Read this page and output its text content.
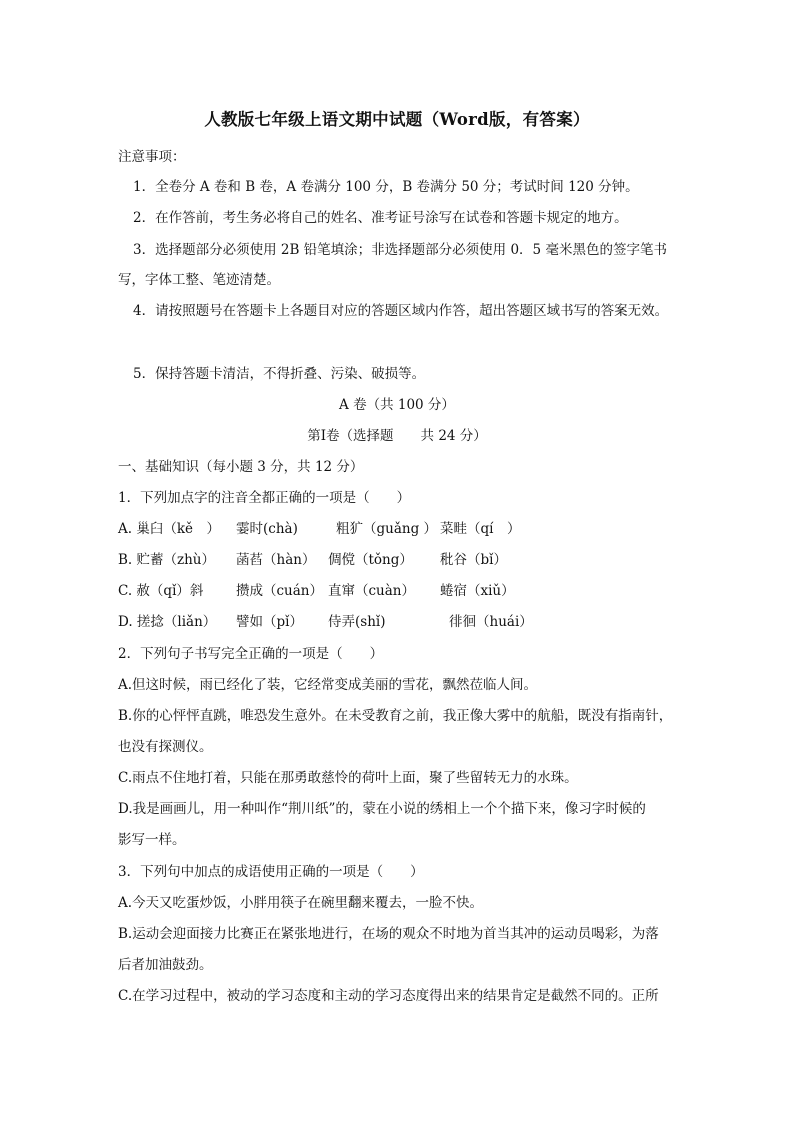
人教版七年级上语文期中试题（Word版，有答案）
注意事项：
1．全卷分 A 卷和 B 卷，A 卷满分 100 分，B 卷满分 50 分；考试时间 120 分钟。
2．在作答前，考生务必将自己的姓名、准考证号涂写在试卷和答题卡规定的地方。
3．选择题部分必须使用 2B 铅笔填涂；非选择题部分必须使用 0．5 毫米黑色的签字笔书
写，字体工整、笔迹清楚。
4．请按照题号在答题卡上各题目对应的答题区域内作答，超出答题区域书写的答案无效。
5．保持答题卡清洁，不得折叠、污染、破损等。
A 卷（共 100 分）
第Ⅰ卷（选择题　　共 24 分）
一、基础知识（每小题 3 分，共 12 分）
1．下列加点字的注音全都正确的一项是（　　）
A. 巢臼（kě　） 霎时(chà)	粗犷（guǎng ） 菜畦（qí　）
B. 贮蓄（zhù） 菡萏（hàn） 倜傥（tǒng） 秕谷（bǐ）
C. 赦（qǐ）斜 攒成（cuán） 直窜（cuàn） 蜷宿（xiǔ）
D. 搓捻（liǎn） 譬如（pǐ） 侍弄(shǐ)	徘徊（huái）
2．下列句子书写完全正确的一项是（　　）
A.但这时候，雨已经化了装，它经常变成美丽的雪花，飘然莅临人间。
B.你的心怦怦直跳，唯恐发生意外。在未受教育之前，我正像大雾中的航船，既没有指南针，
也没有探测仪。
C.雨点不住地打着，只能在那勇敢慈怜的荷叶上面，聚了些留转无力的水珠。
D.我是画画儿，用一种叫作“荆川纸”的，蒙在小说的绣相上一个个描下来，像习字时候的
影写一样。
3．下列句中加点的成语使用正确的一项是（　　）
A.今天又吃蛋炒饭，小胖用筷子在碗里翻来覆去，一脸不快。
B.运动会迎面接力比赛正在紧张地进行，在场的观众不时地为首当其冲的运动员喝彩，为落
后者加油鼓劲。
C.在学习过程中，被动的学习态度和主动的学习态度得出来的结果肯定是截然不同的。正所
